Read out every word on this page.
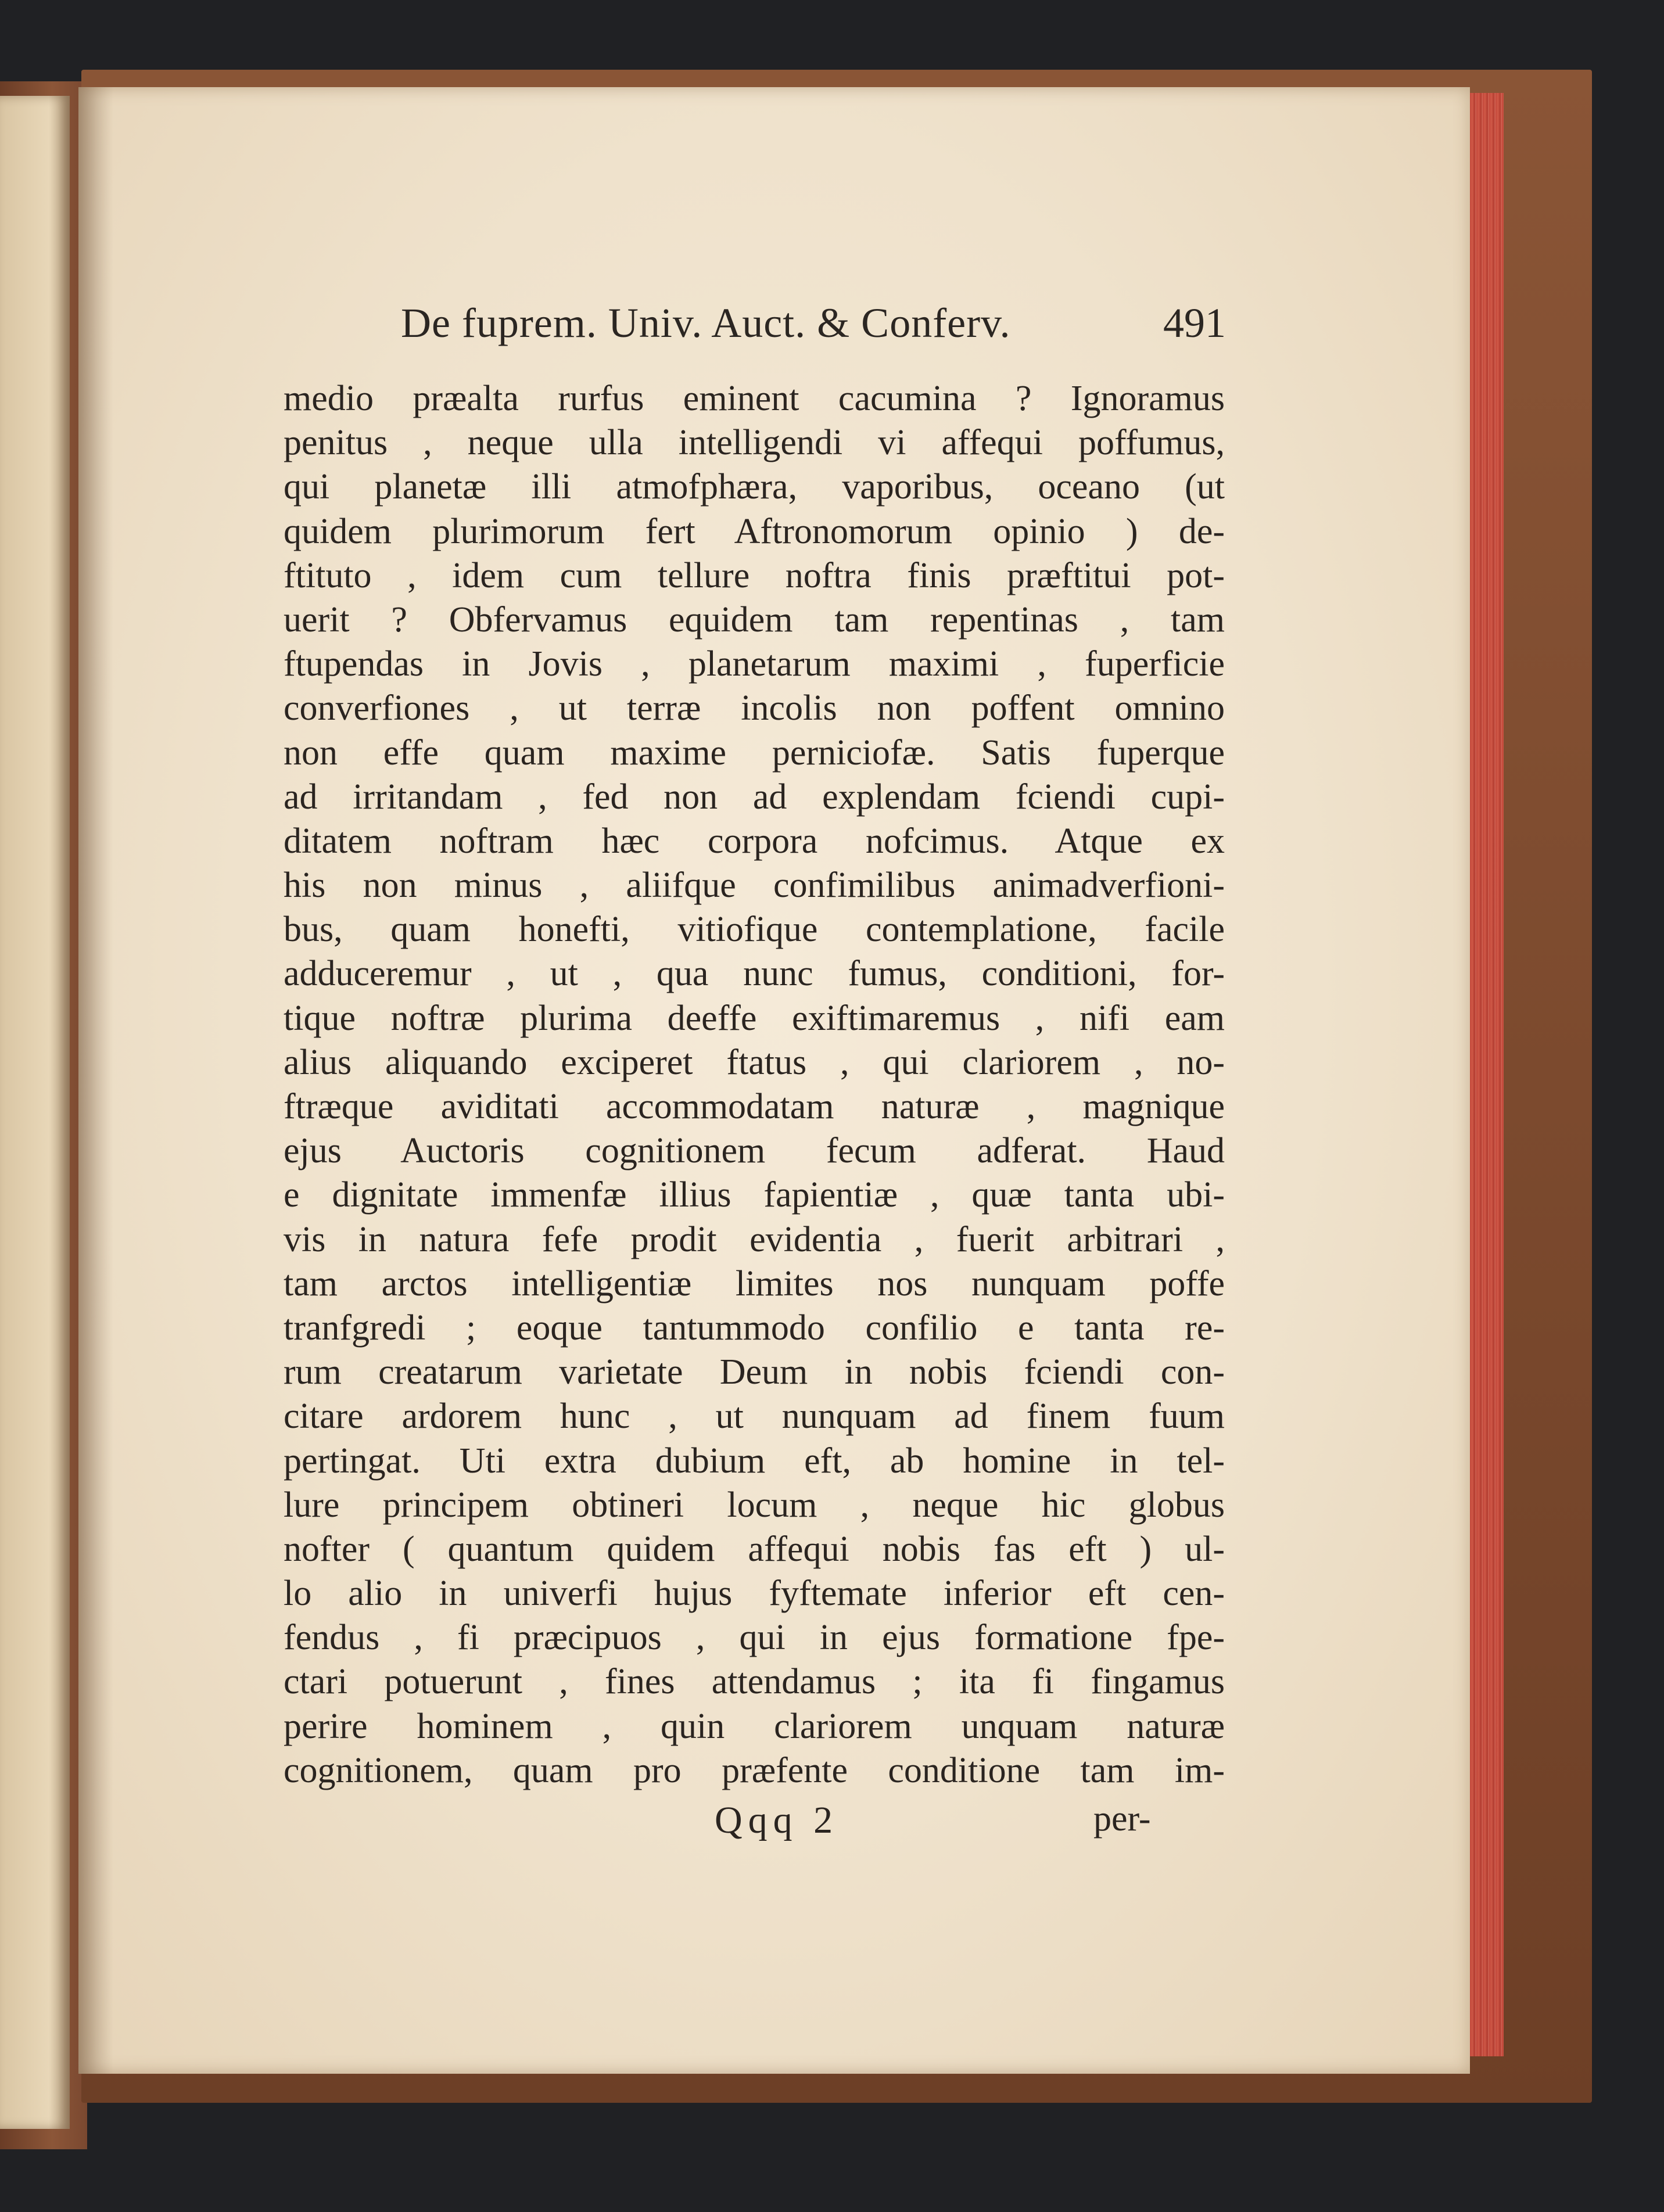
De fuprem. Univ. Auct. & Conferv.	491
medio præalta rurfus eminent cacumina ? Ignoramus
penitus , neque ulla intelligendi vi affequi poffumus,
qui planetæ illi atmofphæra, vaporibus, oceano (ut
quidem plurimorum fert Aftronomorum opinio ) de-
ftituto , idem cum tellure noftra finis præftitui pot-
uerit ? Obfervamus equidem tam repentinas , tam
ftupendas in Jovis , planetarum maximi , fuperficie
converfiones , ut terræ incolis non poffent omnino
non effe quam maxime perniciofæ. Satis fuperque
ad irritandam , fed non ad explendam fciendi cupi-
ditatem noftram hæc corpora nofcimus. Atque ex
his non minus , aliifque confimilibus animadverfioni-
bus, quam honefti, vitiofique contemplatione, facile
adduceremur , ut , qua nunc fumus, conditioni, for-
tique noftræ plurima deeffe exiftimaremus , nifi eam
alius aliquando exciperet ftatus , qui clariorem , no-
ftræque aviditati accommodatam naturæ , magnique
ejus Auctoris cognitionem fecum adferat. Haud
e dignitate immenfæ illius fapientiæ , quæ tanta ubi-
vis in natura fefe prodit evidentia , fuerit arbitrari ,
tam arctos intelligentiæ limites nos nunquam poffe
tranfgredi ; eoque tantummodo confilio e tanta re-
rum creatarum varietate Deum in nobis fciendi con-
citare ardorem hunc , ut nunquam ad finem fuum
pertingat. Uti extra dubium eft, ab homine in tel-
lure principem obtineri locum , neque hic globus
nofter ( quantum quidem affequi nobis fas eft ) ul-
lo alio in univerfi hujus fyftemate inferior eft cen-
fendus , fi præcipuos , qui in ejus formatione fpe-
ctari potuerunt , fines attendamus ; ita fi fingamus
perire hominem , quin clariorem unquam naturæ
cognitionem, quam pro præfente conditione tam im-
Qqq 2	per-
